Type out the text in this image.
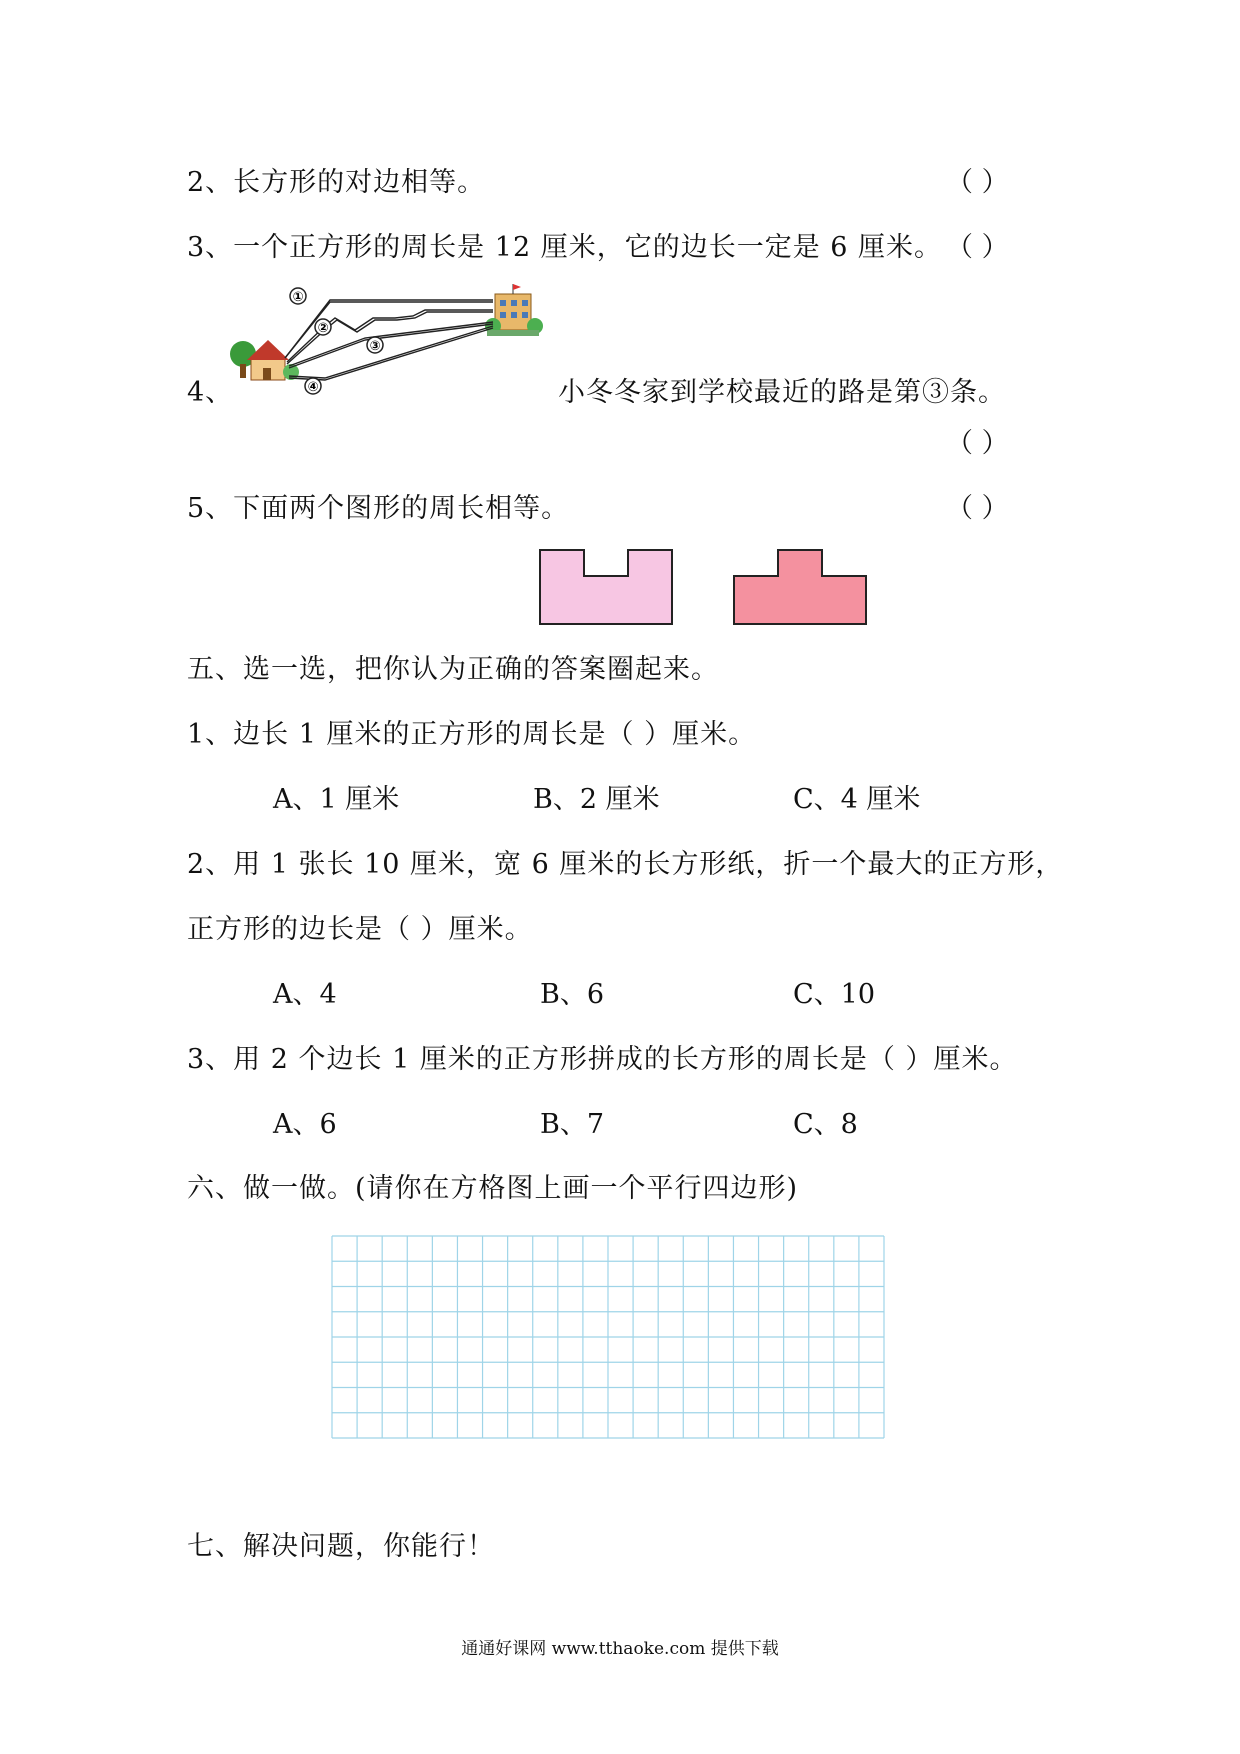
2、长方形的对边相等。	（ ）
3、一个正方形的周长是 12 厘米，它的边长一定是 6 厘米。 （ ）
4、
①
②
③
④	小冬冬家到学校最近的路是第③条。
（ ）
5、下面两个图形的周长相等。	（ ）
五、选一选，把你认为正确的答案圈起来。
1、边长 1 厘米的正方形的周长是（ ）厘米。
A、1 厘米	B、2 厘米	C、4 厘米
2、用 1 张长 10 厘米，宽 6 厘米的长方形纸，折一个最大的正方形，
正方形的边长是（ ）厘米。
A、4	B、6	C、10
3、用 2 个边长 1 厘米的正方形拼成的长方形的周长是（ ）厘米。
A、6	B、7	C、8
六、做一做。(请你在方格图上画一个平行四边形)
七、解决问题，你能行！
通通好课网 www.tthaoke.com 提供下载
